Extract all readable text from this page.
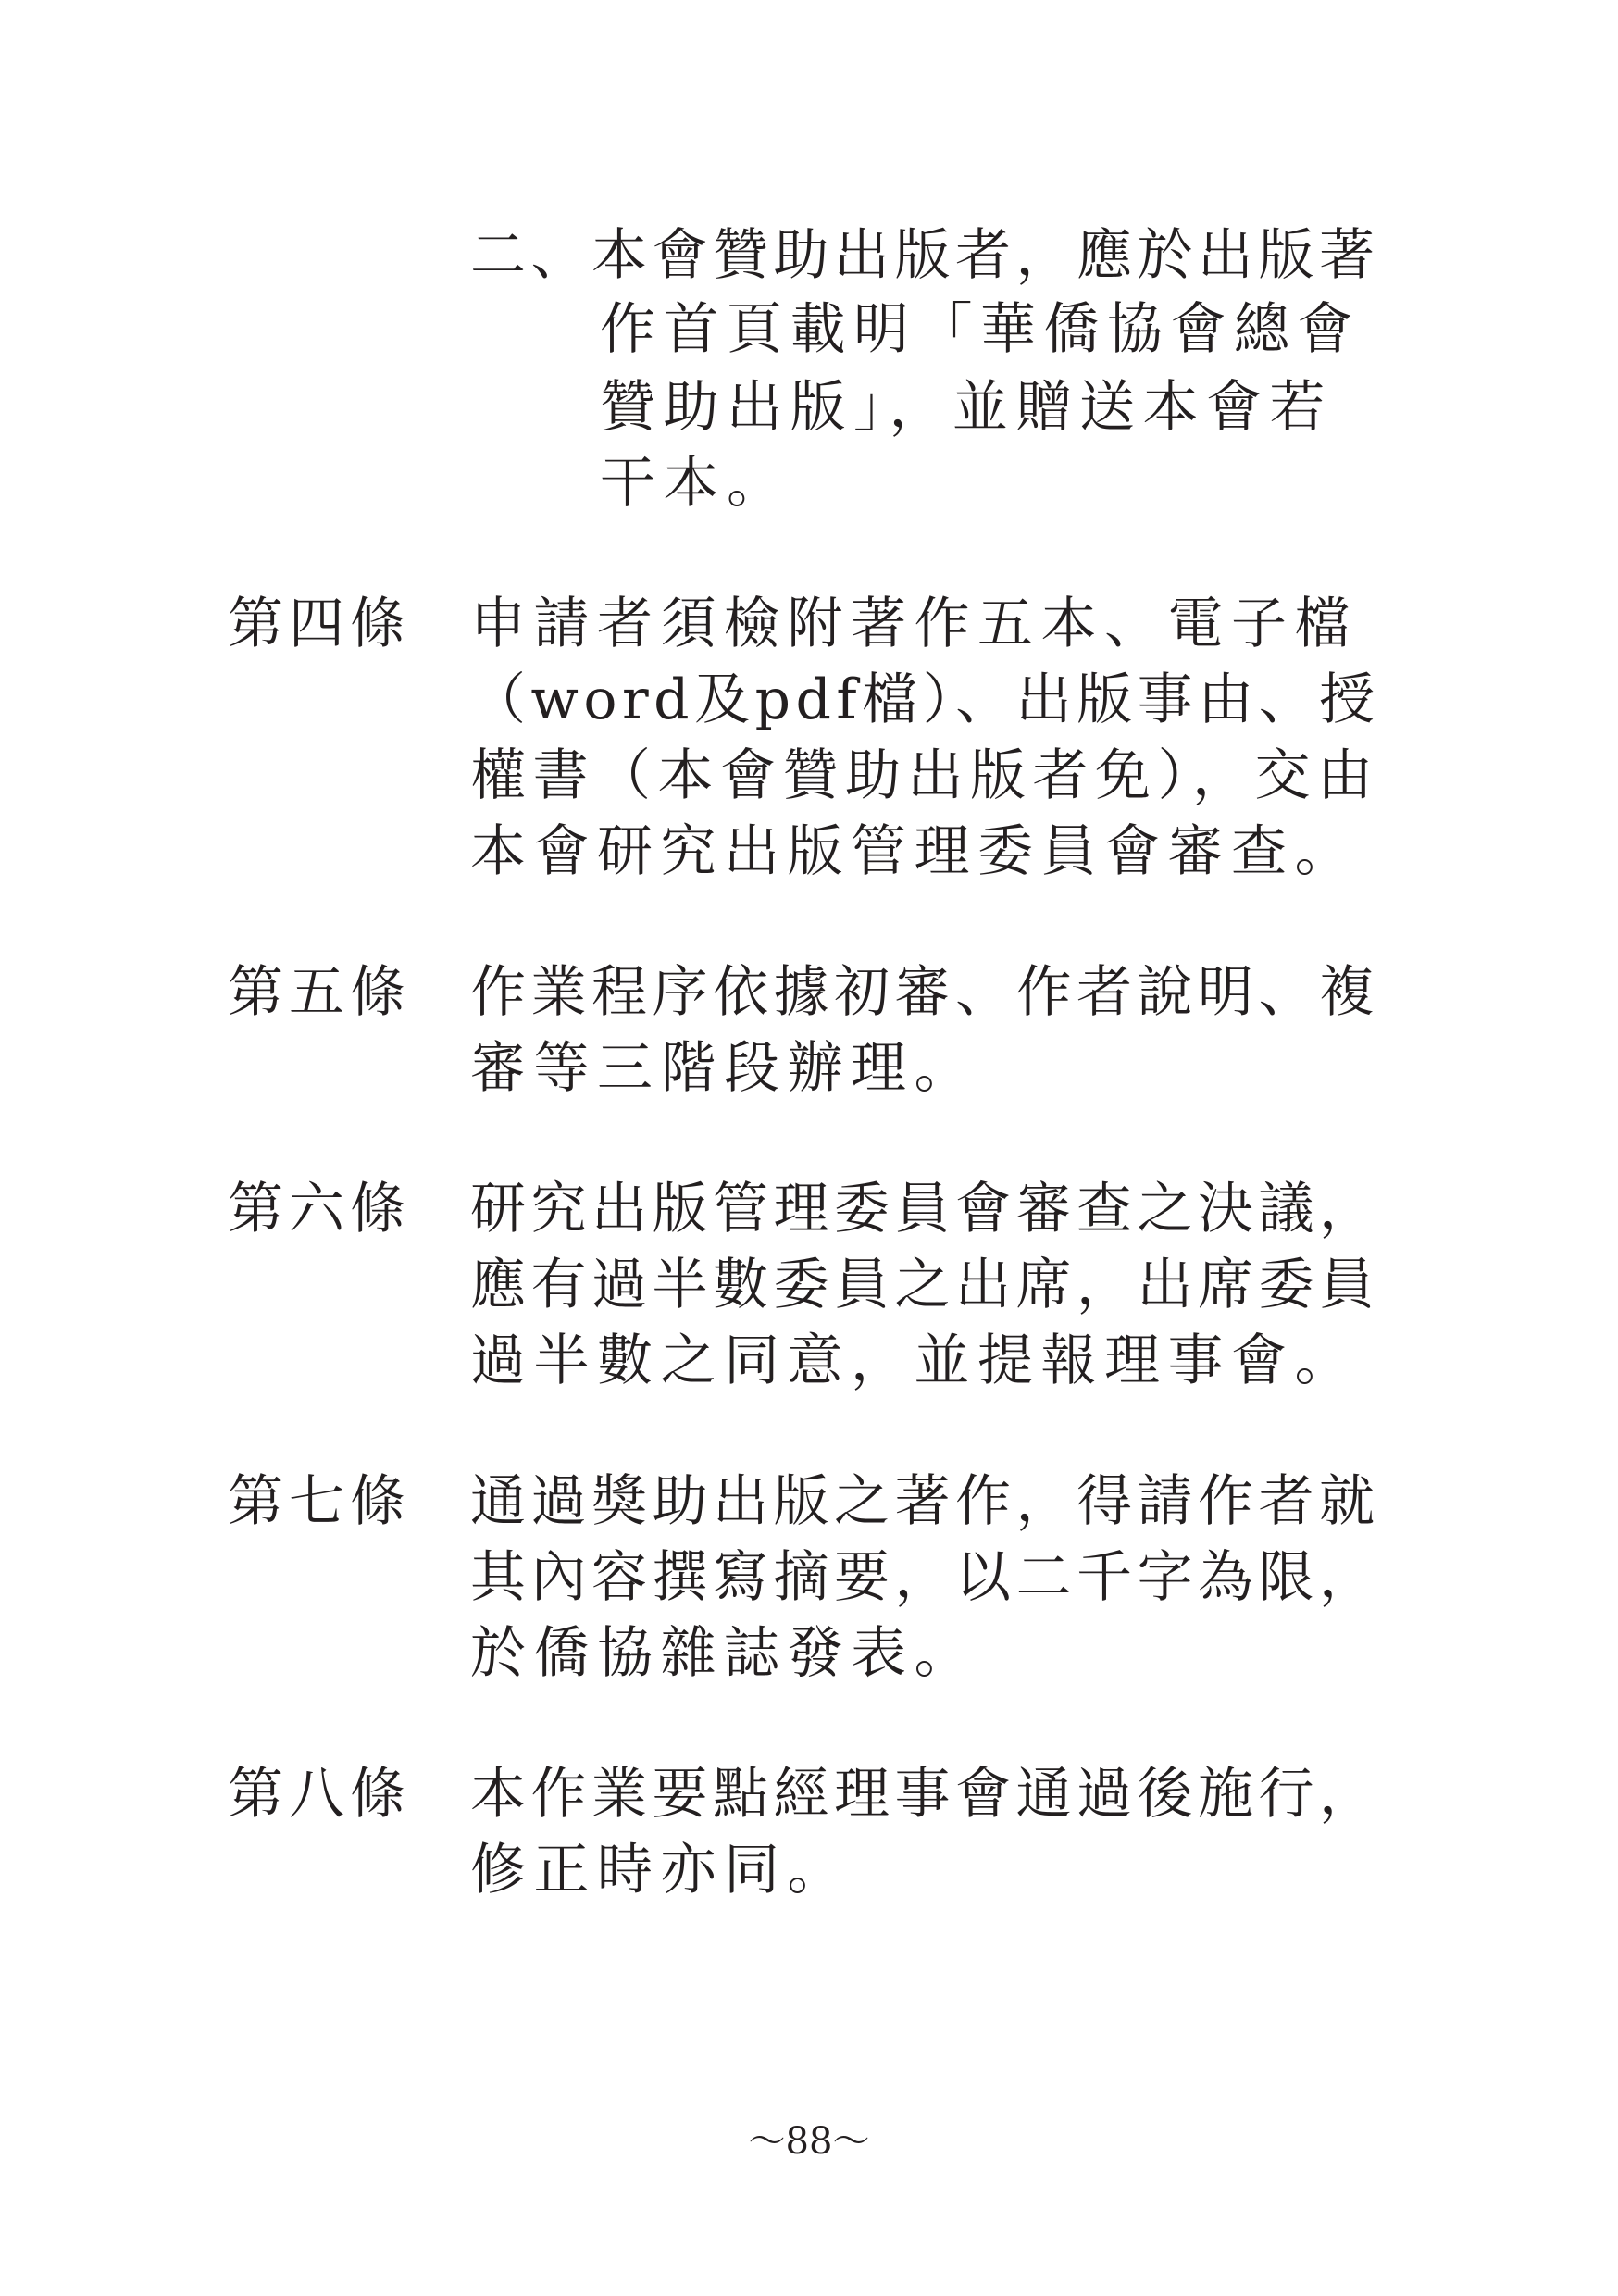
二、本會贊助出版者，應於出版著
作首頁載明「華僑協會總會
贊助出版」，並贈送本會若
干本。
第四條 申請者須檢附著作五本、電子檔
（word及pdf檔）、出版事由、授
權書（本會贊助出版者免），交由
本會研究出版管理委員會審查。
第五條 作業程序依據初審、作者說明、複
審等三階段辦理。
第六條 研究出版管理委員會審查之決議，
應有過半數委員之出席，出席委員
過半數之同意，並提報理事會。
第七條 通過獎助出版之著作，得請作者就
其內容撰寫摘要，以二千字為限，
於僑協雜誌發表。
第八條 本作業要點經理事會通過後施行，
修正時亦同。
～88～
